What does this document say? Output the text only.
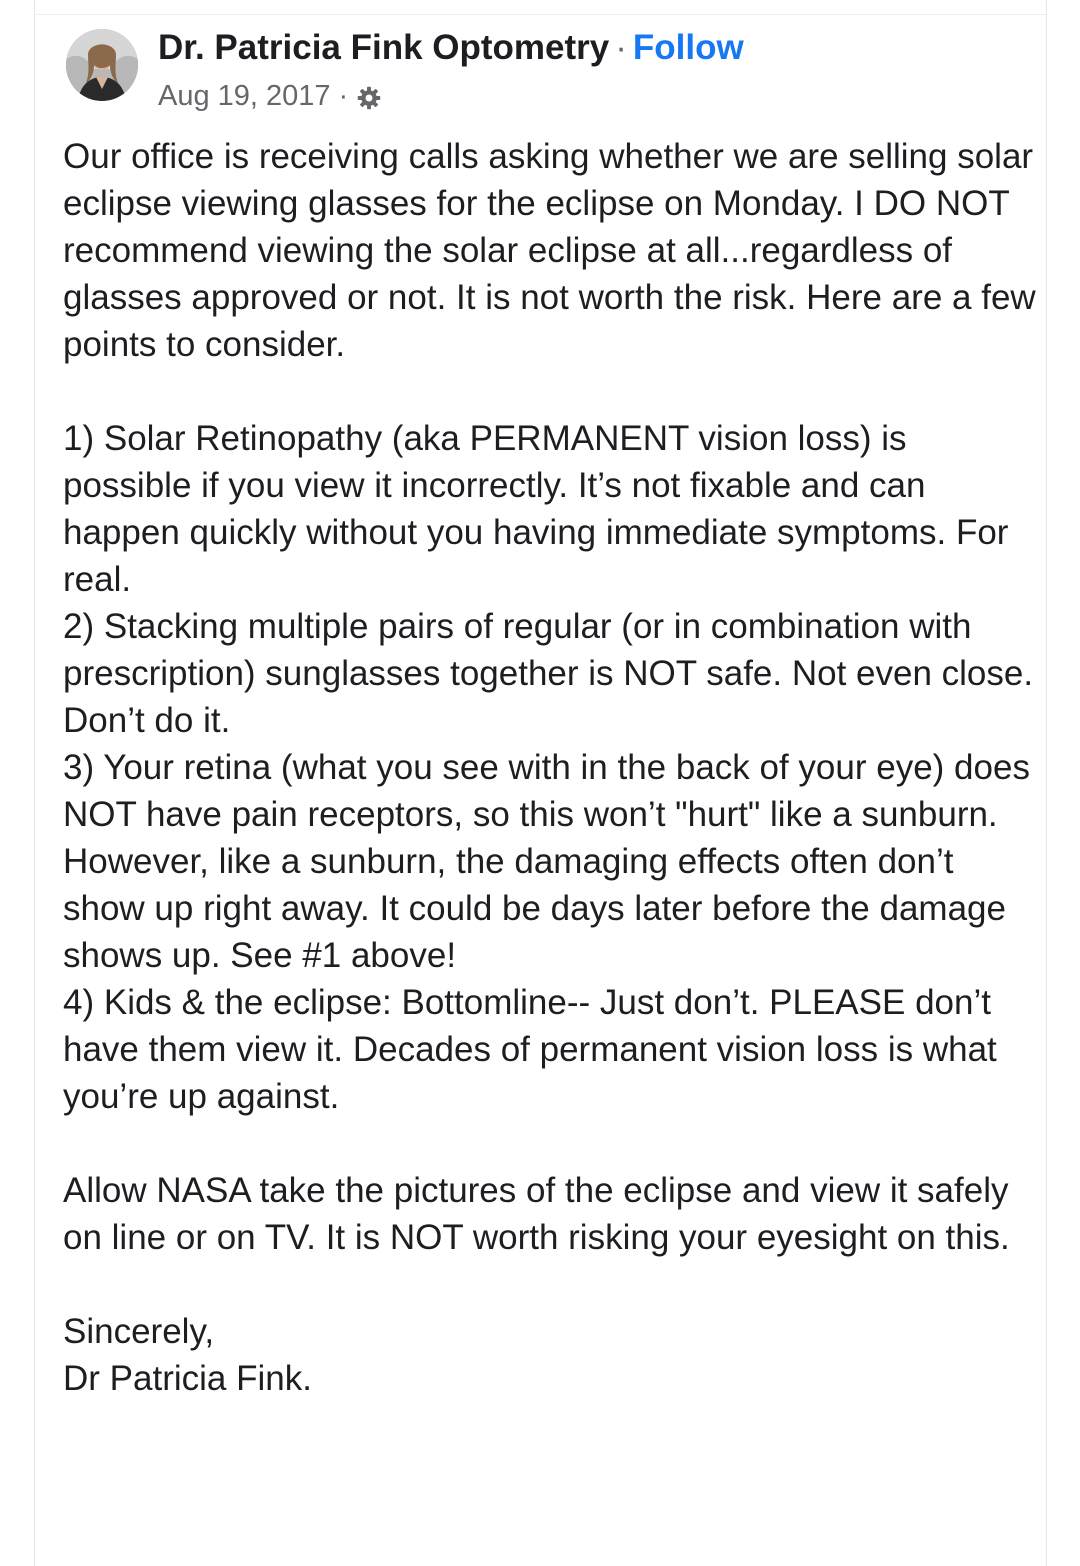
Dr. Patricia Fink Optometry · Follow
Aug 19, 2017 ·

Our office is receiving calls asking whether we are selling solar eclipse viewing glasses for the eclipse on Monday. I DO NOT recommend viewing the solar eclipse at all...regardless of glasses approved or not. It is not worth the risk. Here are a few points to consider.

1) Solar Retinopathy (aka PERMANENT vision loss) is possible if you view it incorrectly. It’s not fixable and can happen quickly without you having immediate symptoms. For real.

2) Stacking multiple pairs of regular (or in combination with prescription) sunglasses together is NOT safe. Not even close. Don’t do it.

3) Your retina (what you see with in the back of your eye) does NOT have pain receptors, so this won’t "hurt" like a sunburn. However, like a sunburn, the damaging effects often don’t show up right away. It could be days later before the damage shows up. See #1 above!

4) Kids & the eclipse: Bottomline-- Just don’t. PLEASE don’t have them view it. Decades of permanent vision loss is what you’re up against.

Allow NASA take the pictures of the eclipse and view it safely on line or on TV. It is NOT worth risking your eyesight on this.

Sincerely,

Dr Patricia Fink.
